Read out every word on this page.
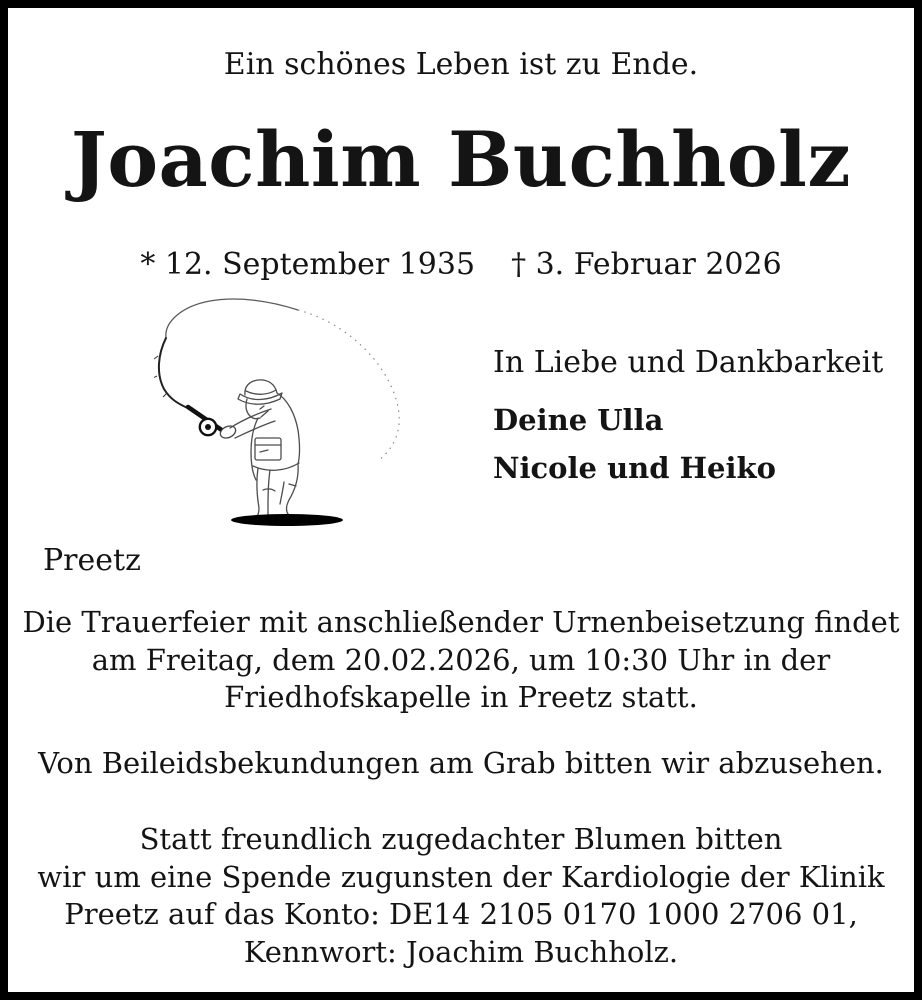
Ein schönes Leben ist zu Ende.
Joachim Buchholz
* 12. September 1935 † 3. Februar 2026
In Liebe und Dankbarkeit
Deine Ulla
Nicole und Heiko
Preetz
Die Trauerfeier mit anschließender Urnenbeisetzung findet
am Freitag, dem 20.02.2026, um 10:30 Uhr in der
Friedhofskapelle in Preetz statt.
Von Beileidsbekundungen am Grab bitten wir abzusehen.
Statt freundlich zugedachter Blumen bitten
wir um eine Spende zugunsten der Kardiologie der Klinik
Preetz auf das Konto: DE14 2105 0170 1000 2706 01,
Kennwort: Joachim Buchholz.
